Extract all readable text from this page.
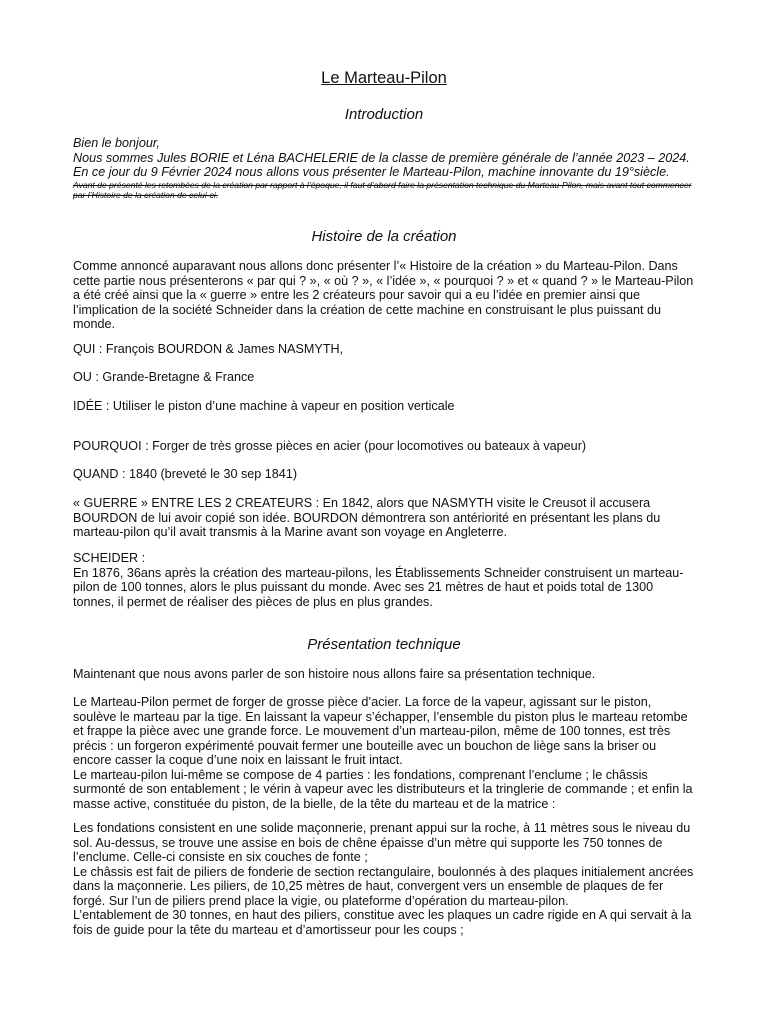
Le Marteau-Pilon
Introduction

Bien le bonjour,

Nous sommes Jules BORIE et Léna BACHELERIE de la classe de première générale de l’année 2023 – 2024. En ce jour du 9 Février 2024 nous allons vous présenter le Marteau-Pilon, machine innovante du 19°siècle.

Avant de présenté les retombées de la création par rapport à l’époque, il faut d’abord faire la présentation technique du Marteau-Pilon, mais avant tout commencer par l’Histoire de la création de celui-ci.

Histoire de la création

Comme annoncé auparavant nous allons donc présenter l’« Histoire de la création » du Marteau-Pilon. Dans cette partie nous présenterons « par qui ? », « où ? », « l’idée », « pourquoi ? » et « quand ? » le Marteau-Pilon a été créé ainsi que la « guerre » entre les 2 créateurs pour savoir qui a eu l’idée en premier ainsi que l’implication de la société Schneider dans la création de cette machine en construisant le plus puissant du monde.

QUI : François BOURDON & James NASMYTH,

OU : Grande-Bretagne & France

IDÉE : Utiliser le piston d’une machine à vapeur en position verticale

POURQUOI : Forger de très grosse pièces en acier (pour locomotives ou bateaux à vapeur)

QUAND : 1840 (breveté le 30 sep 1841)

« GUERRE » ENTRE LES 2 CREATEURS : En 1842, alors que NASMYTH visite le Creusot il accusera BOURDON de lui avoir copié son idée. BOURDON démontrera son antériorité en présentant les plans du marteau-pilon qu’il avait transmis à la Marine avant son voyage en Angleterre.

SCHEIDER :

En 1876, 36ans après la création des marteau-pilons, les Établissements Schneider construisent un marteau-pilon de 100 tonnes, alors le plus puissant du monde. Avec ses 21 mètres de haut et poids total de 1300 tonnes, il permet de réaliser des pièces de plus en plus grandes.

Présentation technique

Maintenant que nous avons parler de son histoire nous allons faire sa présentation technique.

Le Marteau-Pilon permet de forger de grosse pièce d’acier. La force de la vapeur, agissant sur le piston, soulève le marteau par la tige. En laissant la vapeur s’échapper, l’ensemble du piston plus le marteau retombe et frappe la pièce avec une grande force. Le mouvement d’un marteau-pilon, même de 100 tonnes, est très précis : un forgeron expérimenté pouvait fermer une bouteille avec un bouchon de liège sans la briser ou encore casser la coque d’une noix en laissant le fruit intact.

Le marteau-pilon lui-même se compose de 4 parties : les fondations, comprenant l’enclume ; le châssis surmonté de son entablement ; le vérin à vapeur avec les distributeurs et la tringlerie de commande ; et enfin la masse active, constituée du piston, de la bielle, de la tête du marteau et de la matrice :

Les fondations consistent en une solide maçonnerie, prenant appui sur la roche, à 11 mètres sous le niveau du sol. Au-dessus, se trouve une assise en bois de chêne épaisse d’un mètre qui supporte les 750 tonnes de l’enclume. Celle-ci consiste en six couches de fonte ;

Le châssis est fait de piliers de fonderie de section rectangulaire, boulonnés à des plaques initialement ancrées dans la maçonnerie. Les piliers, de 10,25 mètres de haut, convergent vers un ensemble de plaques de fer forgé. Sur l’un de piliers prend place la vigie, ou plateforme d’opération du marteau-pilon.

L’entablement de 30 tonnes, en haut des piliers, constitue avec les plaques un cadre rigide en A qui servait à la fois de guide pour la tête du marteau et d’amortisseur pour les coups ;
